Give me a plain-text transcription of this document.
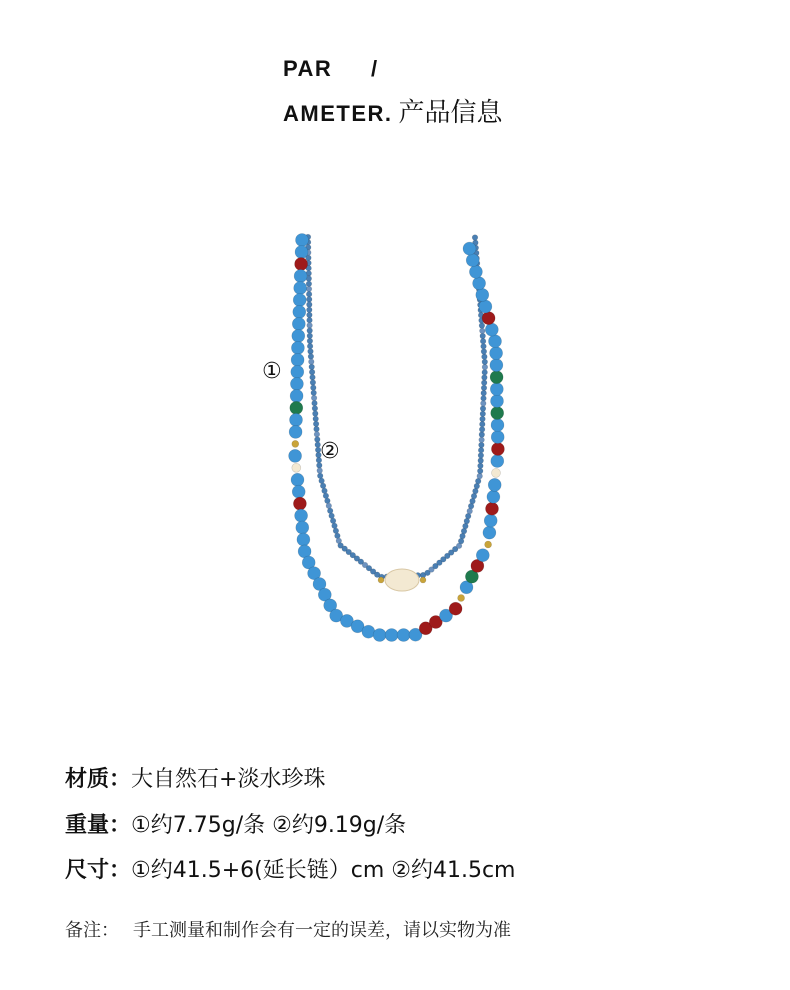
PAR /
AMETER. 产品信息
①
②
材质：大自然石+淡水珍珠
重量：①约7.75g/条 ②约9.19g/条
尺寸：①约41.5+6(延长链）cm ②约41.5cm
备注： 手工测量和制作会有一定的误差，请以实物为准
